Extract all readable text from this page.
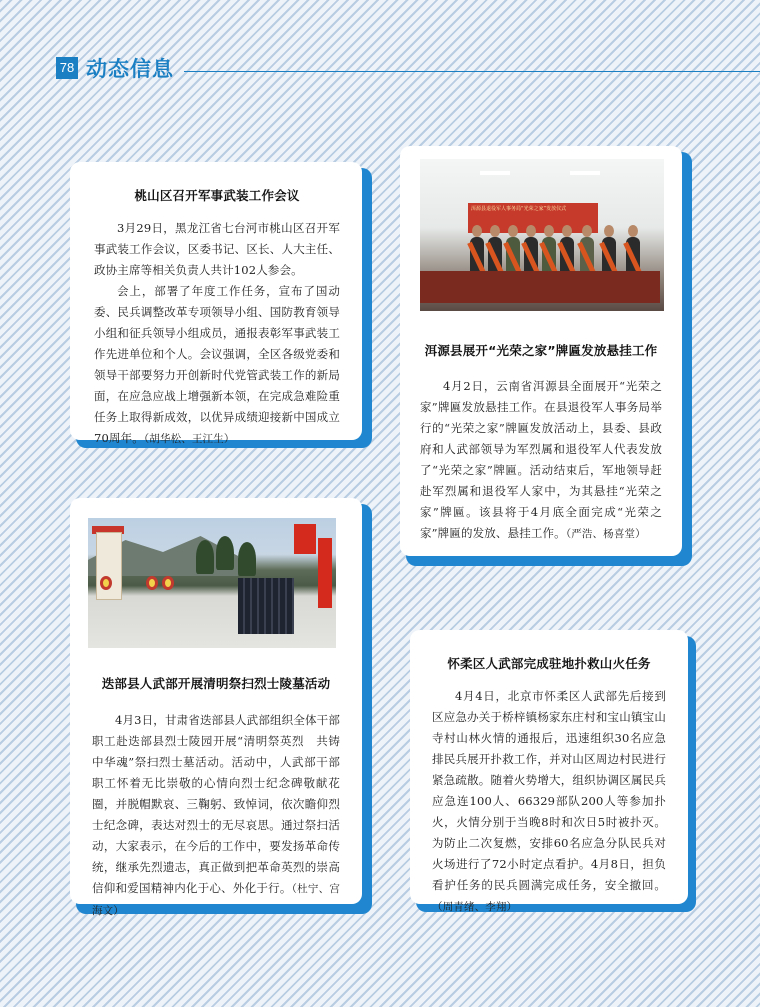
78 动态信息
桃山区召开军事武装工作会议

3月29日，黑龙江省七台河市桃山区召开军事武装工作会议，区委书记、区长、人大主任、政协主席等相关负责人共计102人参会。

会上，部署了年度工作任务，宣布了国动委、民兵调整改革专项领导小组、国防教育领导小组和征兵领导小组成员，通报表彰军事武装工作先进单位和个人。会议强调，全区各级党委和领导干部要努力开创新时代党管武装工作的新局面，在应急应战上增强新本领，在完成急难险重任务上取得新成效，以优异成绩迎接新中国成立70周年。（胡华松、王江生）

洱源县退役军人事务局“光荣之家”发放仪式
洱源县展开“光荣之家”牌匾发放悬挂工作

4月2日，云南省洱源县全面展开“光荣之家”牌匾发放悬挂工作。在县退役军人事务局举行的“光荣之家”牌匾发放活动上，县委、县政府和人武部领导为军烈属和退役军人代表发放了“光荣之家”牌匾。活动结束后，军地领导赶赴军烈属和退役军人家中，为其悬挂“光荣之家”牌匾。该县将于4月底全面完成“光荣之家”牌匾的发放、悬挂工作。（严浩、杨喜堂）

迭部县人武部开展清明祭扫烈士陵墓活动

4月3日，甘肃省迭部县人武部组织全体干部职工赴迭部县烈士陵园开展“清明祭英烈　共铸中华魂”祭扫烈士墓活动。活动中，人武部干部职工怀着无比崇敬的心情向烈士纪念碑敬献花圈，并脱帽默哀、三鞠躬、致悼词，依次瞻仰烈士纪念碑，表达对烈士的无尽哀思。通过祭扫活动，大家表示，在今后的工作中，要发扬革命传统，继承先烈遗志，真正做到把革命英烈的崇高信仰和爱国精神内化于心、外化于行。（杜宁、宫海文）

怀柔区人武部完成驻地扑救山火任务

4月4日，北京市怀柔区人武部先后接到区应急办关于桥梓镇杨家东庄村和宝山镇宝山寺村山林火情的通报后，迅速组织30名应急排民兵展开扑救工作，并对山区周边村民进行紧急疏散。随着火势增大，组织协调区属民兵应急连100人、66329部队200人等参加扑火，火情分别于当晚8时和次日5时被扑灭。为防止二次复燃，安排60名应急分队民兵对火场进行了72小时定点看护。4月8日，担负看护任务的民兵圆满完成任务，安全撤回。（周青绪、李翔）
